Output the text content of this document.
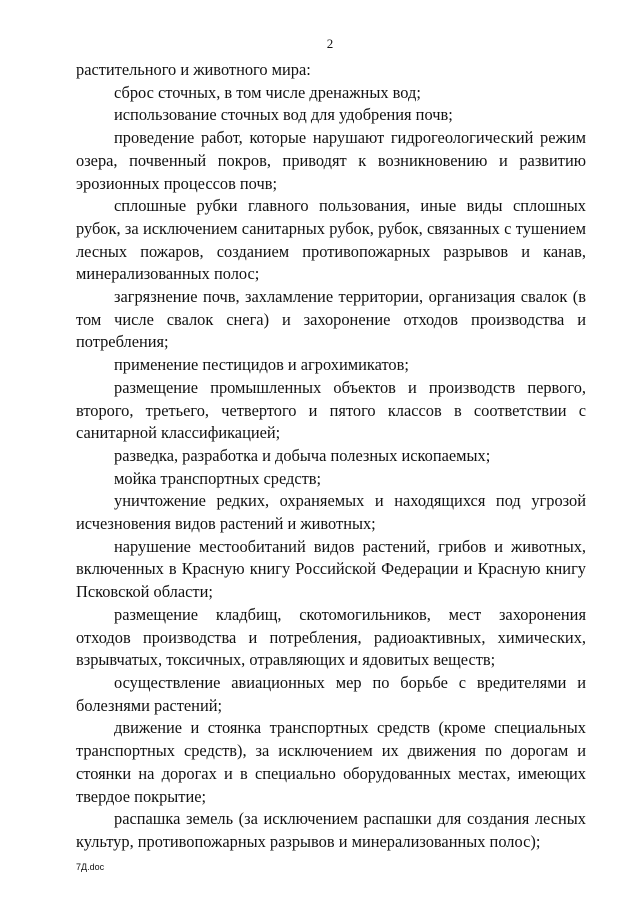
2

растительного и животного мира:

сброс сточных, в том числе дренажных вод;

использование сточных вод для удобрения почв;

проведение работ, которые нарушают гидрогеологический режим озера, почвенный покров, приводят к возникновению и развитию эрозионных процессов почв;

сплошные рубки главного пользования, иные виды сплошных рубок, за исключением санитарных рубок, рубок, связанных с тушением лесных пожаров, созданием противопожарных разрывов и канав, минерализованных полос;

загрязнение почв, захламление территории, организация свалок (в том числе свалок снега) и захоронение отходов производства и потребления;

применение пестицидов и агрохимикатов;

размещение промышленных объектов и производств первого, второго, третьего, четвертого и пятого классов в соответствии с санитарной классификацией;

разведка, разработка и добыча полезных ископаемых;

мойка транспортных средств;

уничтожение редких, охраняемых и находящихся под угрозой исчезновения видов растений и животных;

нарушение местообитаний видов растений, грибов и животных, включенных в Красную книгу Российской Федерации и Красную книгу Псковской области;

размещение кладбищ, скотомогильников, мест захоронения отходов производства и потребления, радиоактивных, химических, взрывчатых, токсичных, отравляющих и ядовитых веществ;

осуществление авиационных мер по борьбе с вредителями и болезнями растений;

движение и стоянка транспортных средств (кроме специальных транспортных средств), за исключением их движения по дорогам и стоянки на дорогах и в специально оборудованных местах, имеющих твердое покрытие;

распашка земель (за исключением распашки для создания лесных культур, противопожарных разрывов и минерализованных полос);

7Д.doc
